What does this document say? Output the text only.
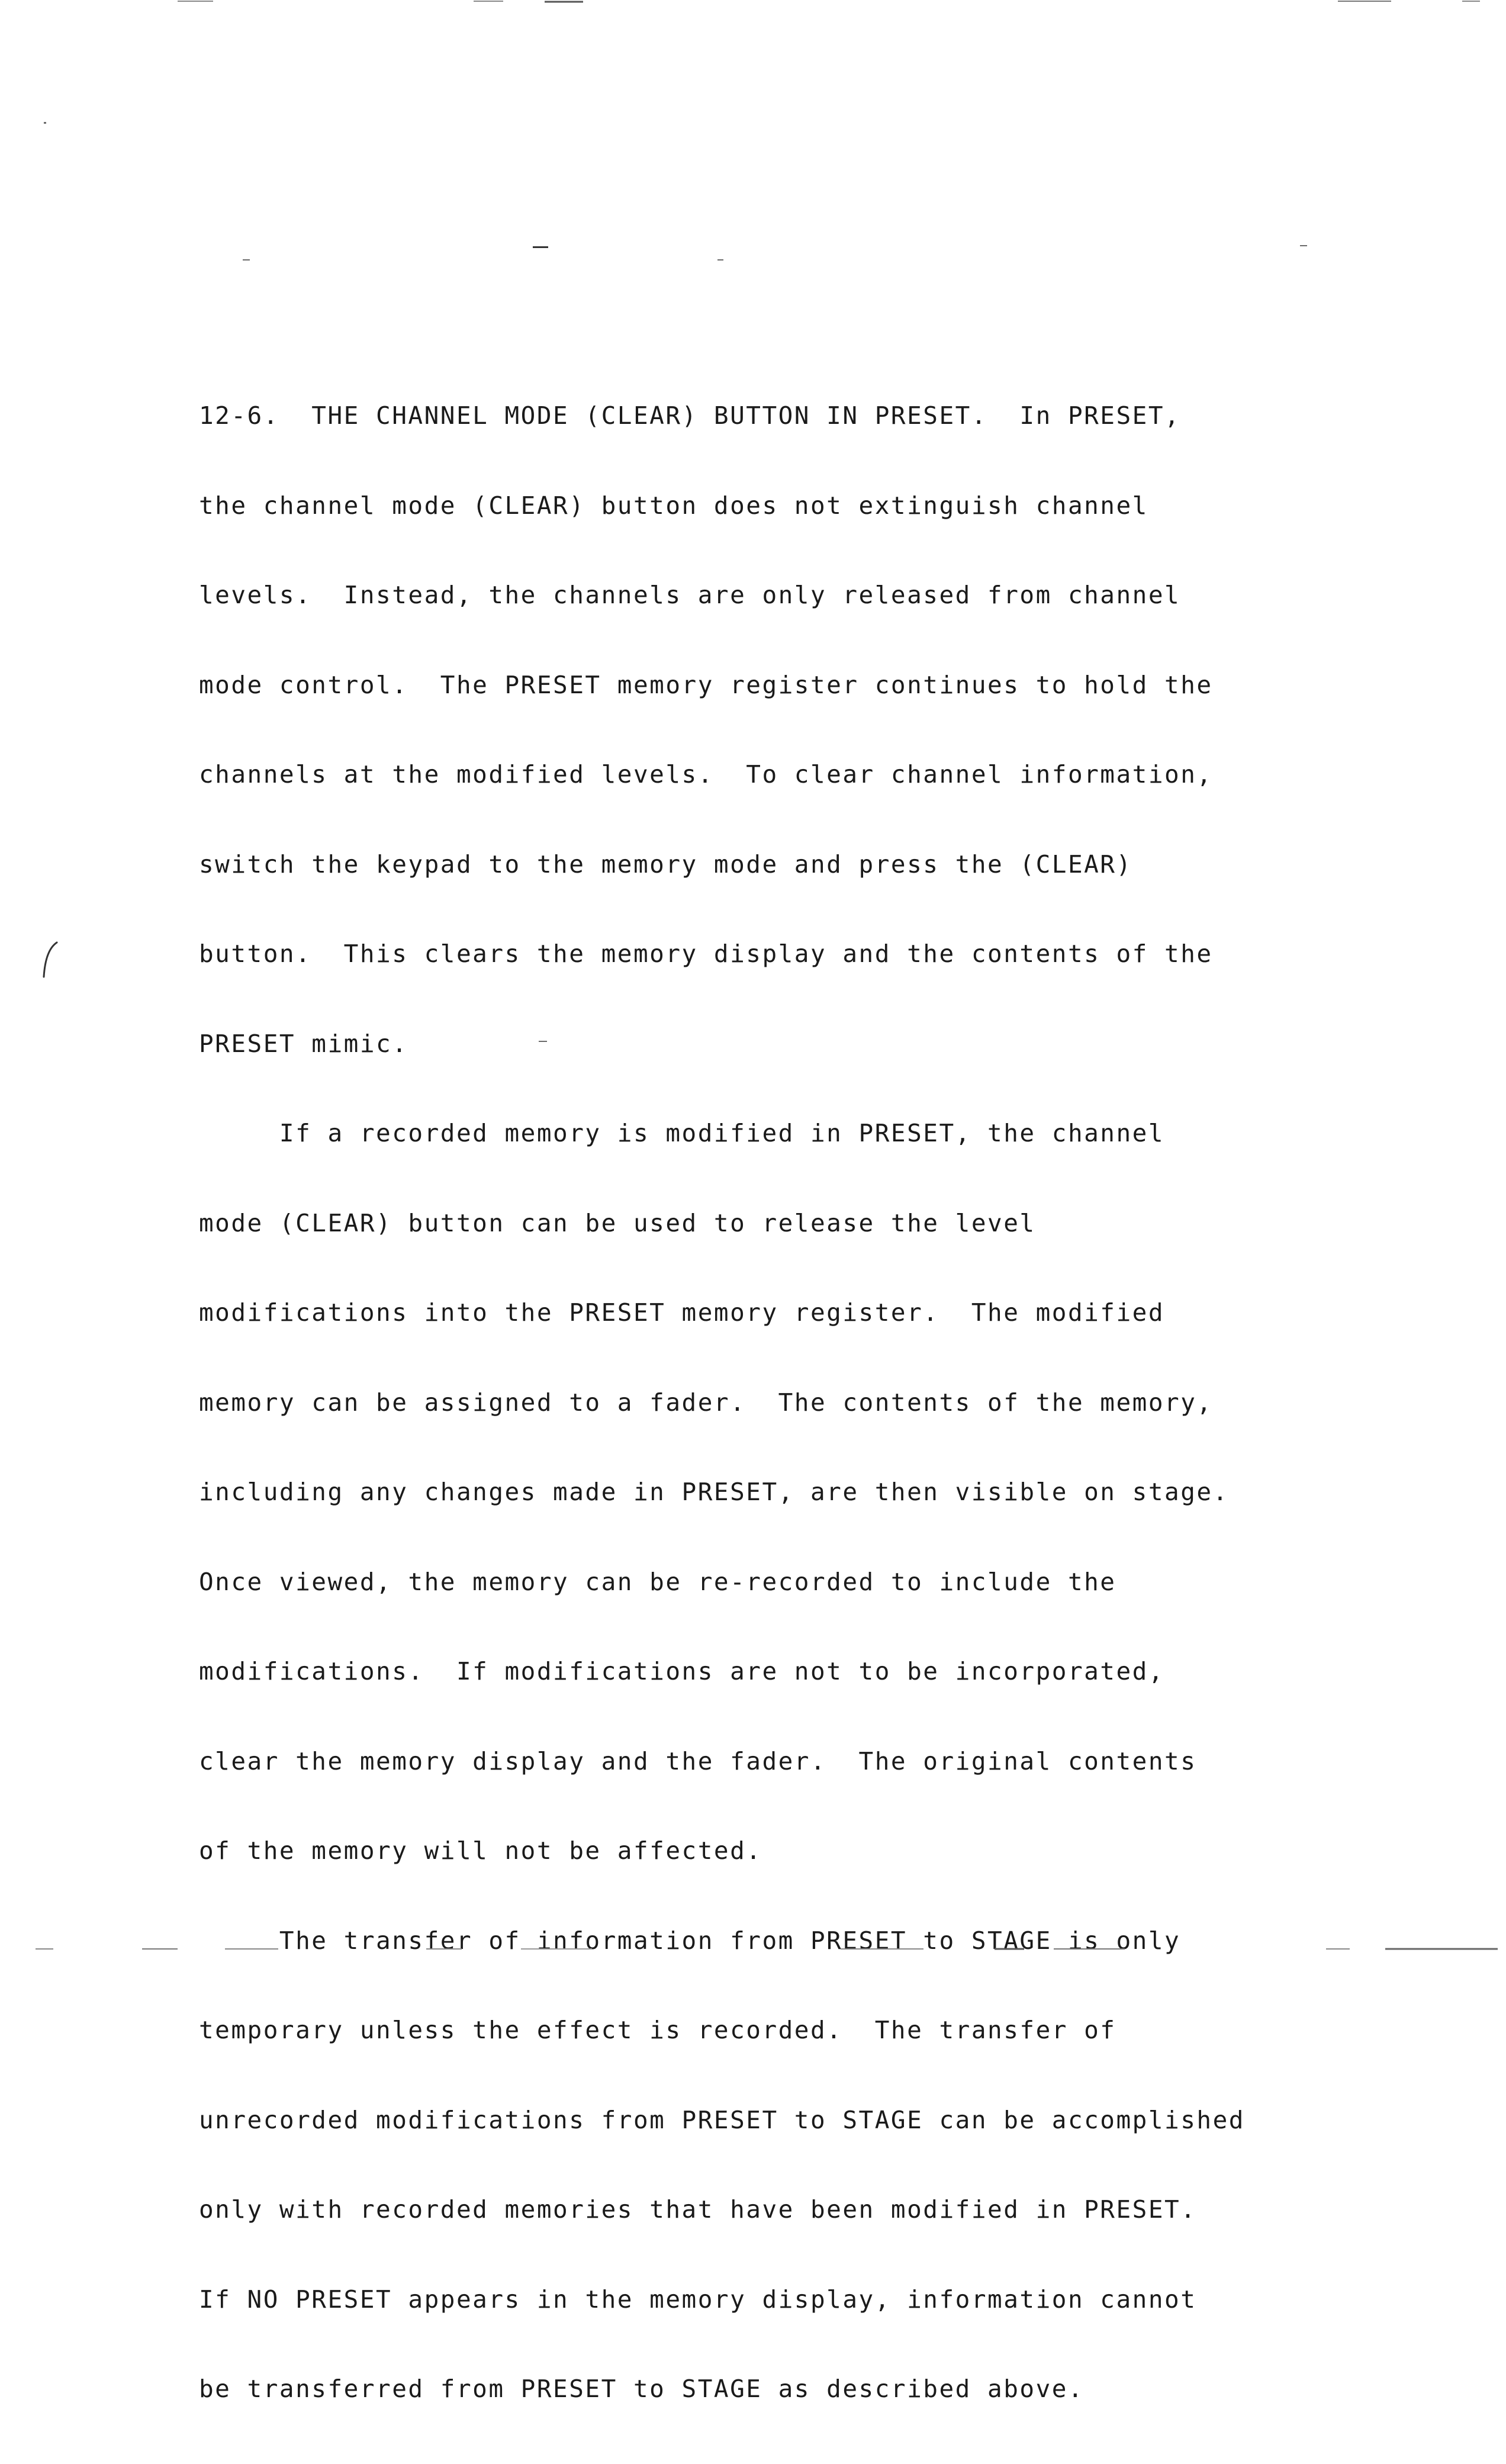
12-6.  THE CHANNEL MODE (CLEAR) BUTTON IN PRESET.  In PRESET,

the channel mode (CLEAR) button does not extinguish channel

levels.  Instead, the channels are only released from channel

mode control.  The PRESET memory register continues to hold the

channels at the modified levels.  To clear channel information,

switch the keypad to the memory mode and press the (CLEAR)

button.  This clears the memory display and the contents of the

PRESET mimic.

If a recorded memory is modified in PRESET, the channel

mode (CLEAR) button can be used to release the level

modifications into the PRESET memory register.  The modified

memory can be assigned to a fader.  The contents of the memory,

including any changes made in PRESET, are then visible on stage.

Once viewed, the memory can be re-recorded to include the

modifications.  If modifications are not to be incorporated,

clear the memory display and the fader.  The original contents

of the memory will not be affected.

The transfer of information from PRESET to STAGE is only

temporary unless the effect is recorded.  The transfer of

unrecorded modifications from PRESET to STAGE can be accomplished

only with recorded memories that have been modified in PRESET.

If NO PRESET appears in the memory display, information cannot

be transferred from PRESET to STAGE as described above.
